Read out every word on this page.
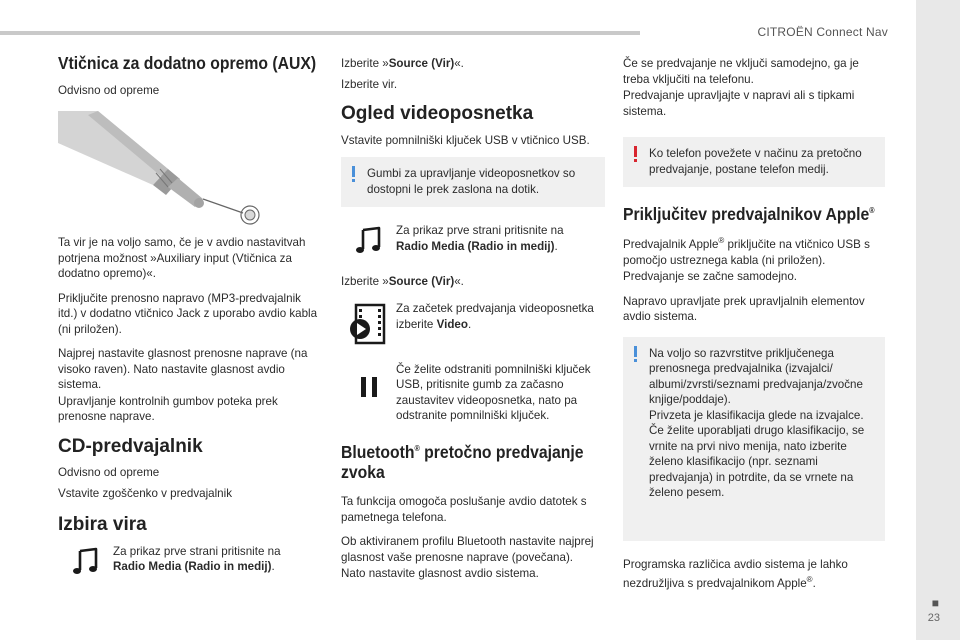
CITROËN Connect Nav
■
23
Vtičnica za dodatno opremo (AUX)

Odvisno od opreme

Ta vir je na voljo samo, če je v avdio nastavitvah potrjena možnost »Auxiliary input (Vtičnica za dodatno opremo)«.

Priključite prenosno napravo (MP3-predvajalnik itd.) v dodatno vtičnico Jack z uporabo avdio kabla (ni priložen).

Najprej nastavite glasnost prenosne naprave (na visoko raven). Nato nastavite glasnost avdio sistema.

Upravljanje kontrolnih gumbov poteka prek prenosne naprave.

CD-predvajalnik

Odvisno od opreme

Vstavite zgoščenko v predvajalnik

Izbira vira
Za prikaz prve strani pritisnite na
Radio Media (Radio in medij).

Izberite »Source (Vir)«.

Izberite vir.

Ogled videoposnetka

Vstavite pomnilniški ključek USB v vtičnico USB.

Gumbi za upravljanje videoposnetkov so dostopni le prek zaslona na dotik.
Za prikaz prve strani pritisnite na
Radio Media (Radio in medij).

Izberite »Source (Vir)«.

Za začetek predvajanja videoposnetka izberite Video.
Če želite odstraniti pomnilniški ključek USB, pritisnite gumb za začasno zaustavitev videoposnetka, nato pa odstranite pomnilniški ključek.
Bluetooth® pretočno predvajanje zvoka

Ta funkcija omogoča poslušanje avdio datotek s pametnega telefona.

Ob aktiviranem profilu Bluetooth nastavite najprej glasnost vaše prenosne naprave (povečana).

Nato nastavite glasnost avdio sistema.

Če se predvajanje ne vključi samodejno, ga je treba vključiti na telefonu.

Predvajanje upravljajte v napravi ali s tipkami sistema.

Ko telefon povežete v načinu za pretočno predvajanje, postane telefon medij.
Priključitev predvajalnikov Apple®

Predvajalnik Apple® priključite na vtičnico USB s pomočjo ustreznega kabla (ni priložen).

Predvajanje se začne samodejno.

Napravo upravljate prek upravljalnih elementov avdio sistema.

Na voljo so razvrstitve priključenega prenosnega predvajalnika (izvajalci/ albumi/zvrsti/seznami predvajanja/zvočne knjige/poddaje).
Privzeta je klasifikacija glede na izvajalce. Če želite uporabljati drugo klasifikacijo, se vrnite na prvi nivo menija, nato izberite želeno klasifikacijo (npr. seznami predvajanja) in potrdite, da se vrnete na želeno pesem.

Programska različica avdio sistema je lahko nezdružljiva s predvajalnikom Apple®.
